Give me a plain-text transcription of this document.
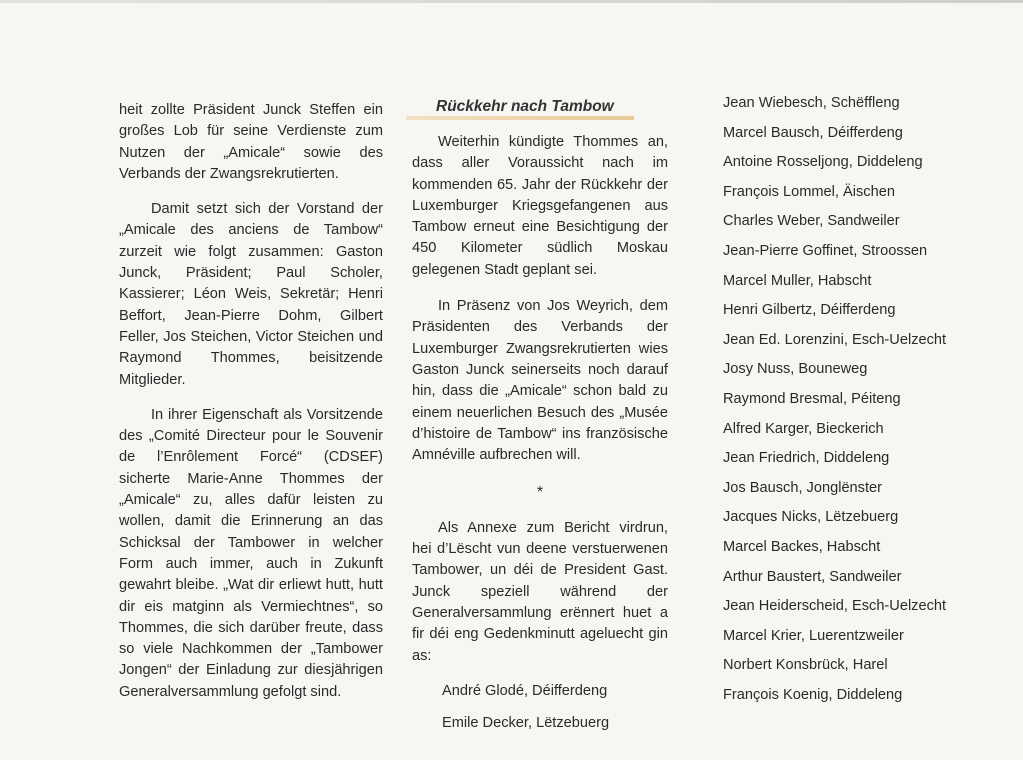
heit zollte Präsident Junck Steffen ein großes Lob für seine Verdienste zum Nutzen der „Amicale“ sowie des Verbands der Zwangsrekrutierten.

Damit setzt sich der Vorstand der „Amicale des anciens de Tambow“ zurzeit wie folgt zusammen: Gaston Junck, Präsident; Paul Scholer, Kassierer; Léon Weis, Sekretär; Henri Beffort, Jean-Pierre Dohm, Gilbert Feller, Jos Steichen, Victor Steichen und Raymond Thommes, beisitzende Mitglieder.

In ihrer Eigenschaft als Vorsitzende des „Comité Directeur pour le Souvenir de l’Enrôlement Forcé“ (CDSEF) sicherte Marie-Anne Thommes der „Amicale“ zu, alles dafür leisten zu wollen, damit die Erinnerung an das Schicksal der Tambower in welcher Form auch immer, auch in Zukunft gewahrt bleibe. „Wat dir erliewt hutt, hutt dir eis matginn als Vermiechtnes“, so Thommes, die sich darüber freute, dass so viele Nachkommen der „Tambower Jongen“ der Einladung zur diesjährigen Generalversammlung gefolgt sind.

Rückkehr nach Tambow

Weiterhin kündigte Thommes an, dass aller Voraussicht nach im kommenden 65. Jahr der Rückkehr der Luxemburger Kriegsgefangenen aus Tambow erneut eine Besichtigung der 450 Kilometer südlich Moskau gelegenen Stadt geplant sei.

In Präsenz von Jos Weyrich, dem Präsidenten des Verbands der Luxemburger Zwangsrekrutierten wies Gaston Junck seinerseits noch darauf hin, dass die „Amicale“ schon bald zu einem neuerlichen Besuch des „Musée d’histoire de Tambow“ ins französische Amnéville aufbrechen will.

*

Als Annexe zum Bericht virdrun, hei d’Lëscht vun deene verstuerwenen Tambower, un déi de President Gast. Junck speziell während der Generalversammlung erënnert huet a fir déi eng Gedenkminutt ageluecht gin as:

André Glodé, Déifferdeng
Emile Decker, Lëtzebuerg
Jean Wiebesch, Schëffleng
Marcel Bausch, Déifferdeng
Antoine Rosseljong, Diddeleng
François Lommel, Äischen
Charles Weber, Sandweiler
Jean-Pierre Goffinet, Stroossen
Marcel Muller, Habscht
Henri Gilbertz, Déifferdeng
Jean Ed. Lorenzini, Esch-Uelzecht
Josy Nuss, Bouneweg
Raymond Bresmal, Péiteng
Alfred Karger, Bieckerich
Jean Friedrich, Diddeleng
Jos Bausch, Jonglënster
Jacques Nicks, Lëtzebuerg
Marcel Backes, Habscht
Arthur Baustert, Sandweiler
Jean Heiderscheid, Esch-Uelzecht
Marcel Krier, Luerentzweiler
Norbert Konsbrück, Harel
François Koenig, Diddeleng
